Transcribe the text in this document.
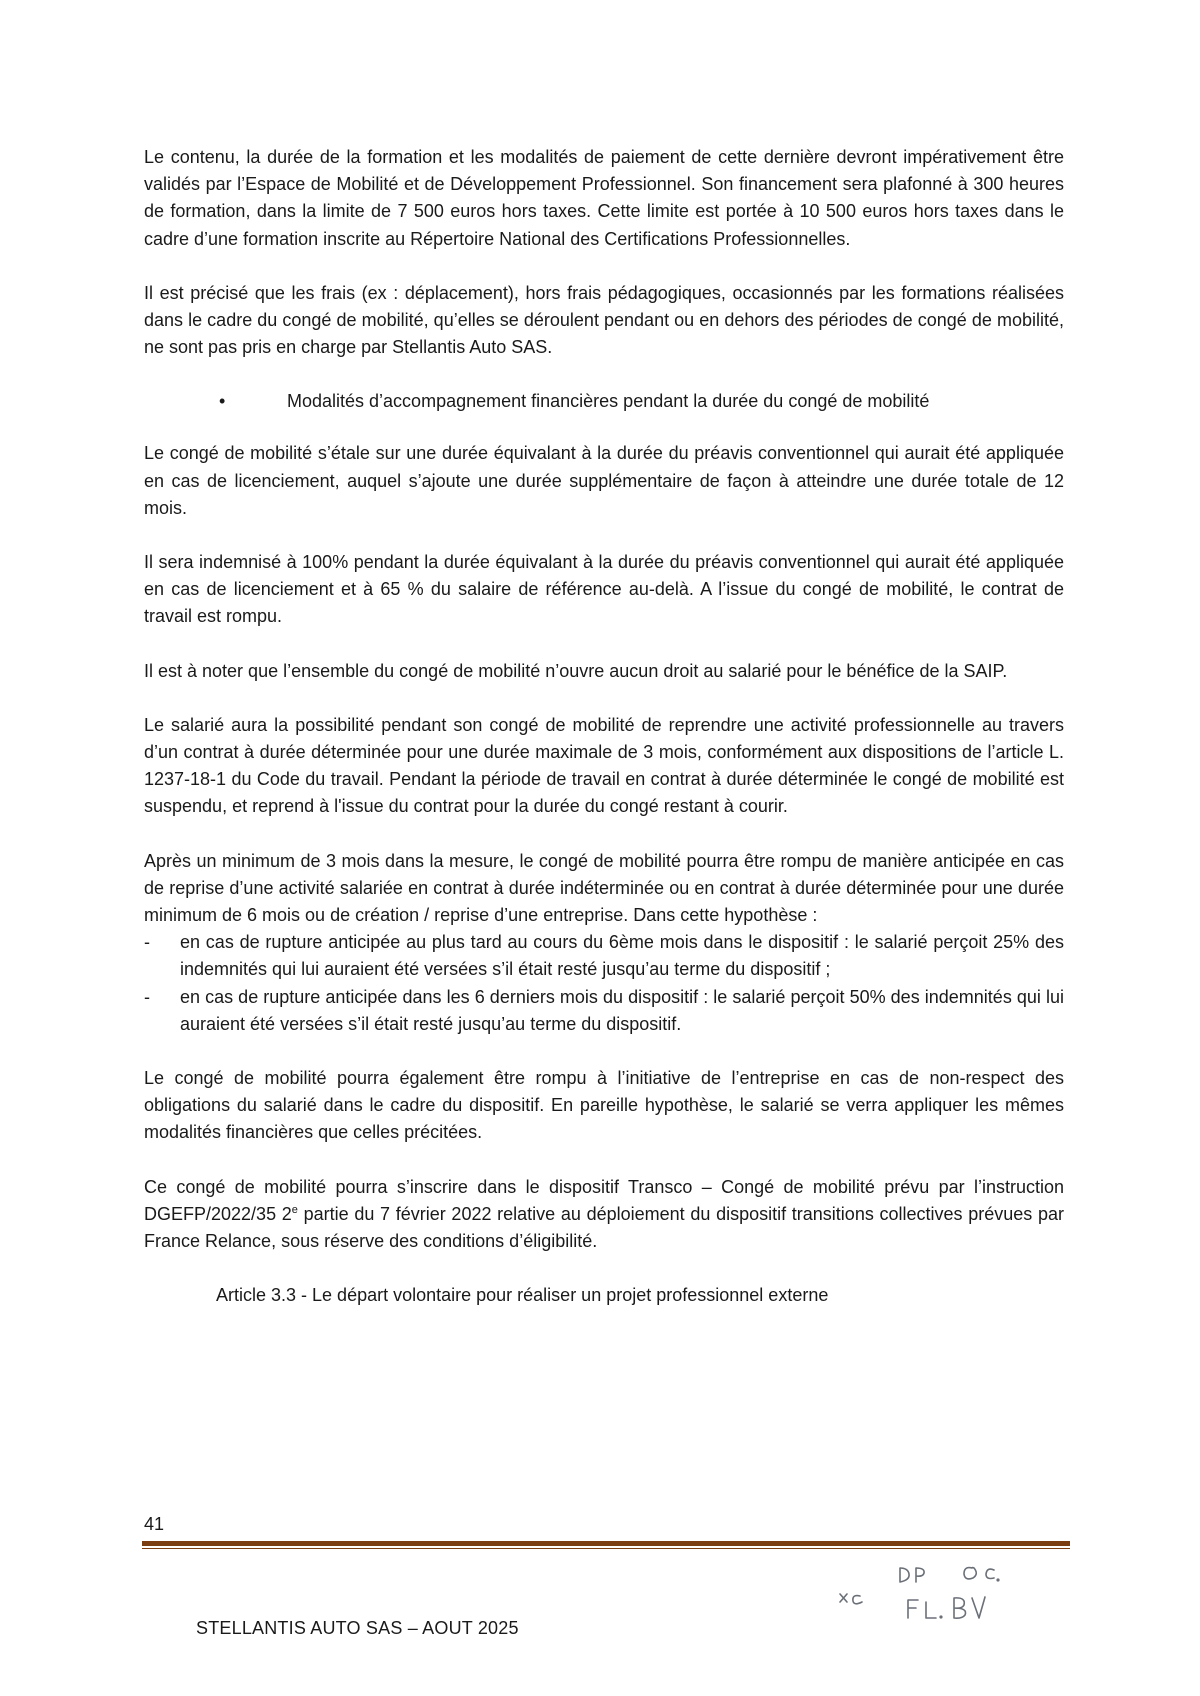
Le contenu, la durée de la formation et les modalités de paiement de cette dernière devront impérativement être validés par l’Espace de Mobilité et de Développement Professionnel. Son financement sera plafonné à 300 heures de formation, dans la limite de 7 500 euros hors taxes. Cette limite est portée à 10 500 euros hors taxes dans le cadre d’une formation inscrite au Répertoire National des Certifications Professionnelles.

Il est précisé que les frais (ex : déplacement), hors frais pédagogiques, occasionnés par les formations réalisées dans le cadre du congé de mobilité, qu’elles se déroulent pendant ou en dehors des périodes de congé de mobilité, ne sont pas pris en charge par Stellantis Auto SAS.

•	Modalités d’accompagnement financières pendant la durée du congé de mobilité

Le congé de mobilité s’étale sur une durée équivalant à la durée du préavis conventionnel qui aurait été appliquée en cas de licenciement, auquel s’ajoute une durée supplémentaire de façon à atteindre une durée totale de 12 mois.

Il sera indemnisé à 100% pendant la durée équivalant à la durée du préavis conventionnel qui aurait été appliquée en cas de licenciement et à 65 % du salaire de référence au-delà. A l’issue du congé de mobilité, le contrat de travail est rompu.

Il est à noter que l’ensemble du congé de mobilité n’ouvre aucun droit au salarié pour le bénéfice de la SAIP.

Le salarié aura la possibilité pendant son congé de mobilité de reprendre une activité professionnelle au travers d’un contrat à durée déterminée pour une durée maximale de 3 mois, conformément aux dispositions de l’article L. 1237-18-1 du Code du travail. Pendant la période de travail en contrat à durée déterminée le congé de mobilité est suspendu, et reprend à l'issue du contrat pour la durée du congé restant à courir.

Après un minimum de 3 mois dans la mesure, le congé de mobilité pourra être rompu de manière anticipée en cas de reprise d’une activité salariée en contrat à durée indéterminée ou en contrat à durée déterminée pour une durée minimum de 6 mois ou de création / reprise d’une entreprise. Dans cette hypothèse :

- en cas de rupture anticipée au plus tard au cours du 6ème mois dans le dispositif : le salarié perçoit 25% des indemnités qui lui auraient été versées s’il était resté jusqu’au terme du dispositif ;
- en cas de rupture anticipée dans les 6 derniers mois du dispositif : le salarié perçoit 50% des indemnités qui lui auraient été versées s’il était resté jusqu’au terme du dispositif.

Le congé de mobilité pourra également être rompu à l’initiative de l’entreprise en cas de non-respect des obligations du salarié dans le cadre du dispositif. En pareille hypothèse, le salarié se verra appliquer les mêmes modalités financières que celles précitées.

Ce congé de mobilité pourra s’inscrire dans le dispositif Transco – Congé de mobilité prévu par l’instruction DGEFP/2022/35 2e partie du 7 février 2022 relative au déploiement du dispositif transitions collectives prévues par France Relance, sous réserve des conditions d’éligibilité.

Article 3.3 - Le départ volontaire pour réaliser un projet professionnel externe
41
STELLANTIS AUTO SAS – AOUT 2025
